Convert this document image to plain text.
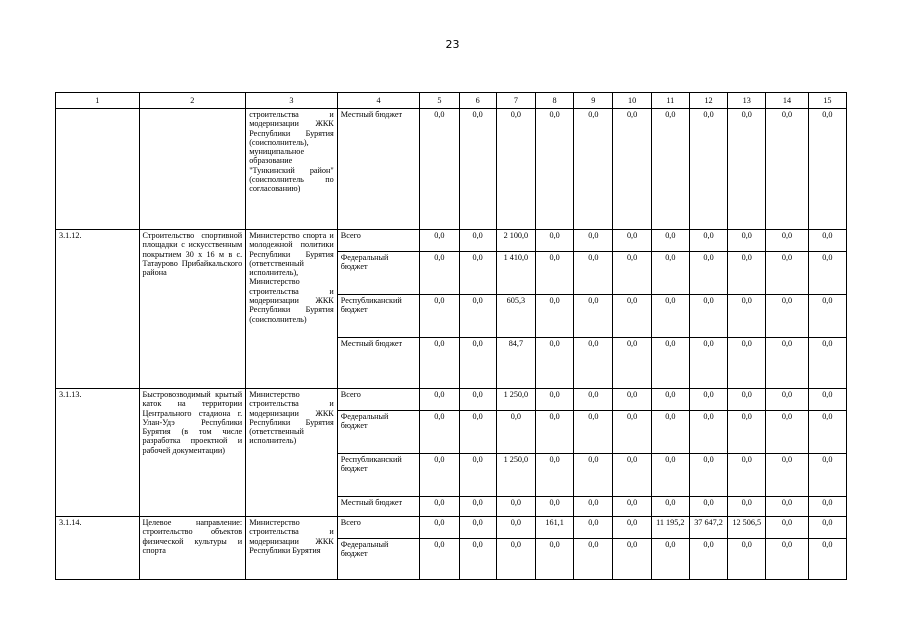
23
1	2	3	4	5	6	7	8	9	10	11	12	13	14	15
		строительства и модернизации ЖКК Республики Бурятия (соисполнитель), муниципальное образование "Тункинский район" (соисполнитель по согласованию)	Местный бюджет	0,0	0,0	0,0	0,0	0,0	0,0	0,0	0,0	0,0	0,0	0,0
3.1.12.	Строительство спортивной площадки с искусственным покрытием 30 x 16 м в с. Татаурово Прибайкальского района	Министерство спорта и молодежной политики Республики Бурятия (ответственный исполнитель), Министерство строительства и модернизации ЖКК Республики Бурятия (соисполнитель)	Всего	0,0	0,0	2 100,0	0,0	0,0	0,0	0,0	0,0	0,0	0,0	0,0
			Федеральный бюджет	0,0	0,0	1 410,0	0,0	0,0	0,0	0,0	0,0	0,0	0,0	0,0
			Республиканский бюджет	0,0	0,0	605,3	0,0	0,0	0,0	0,0	0,0	0,0	0,0	0,0
			Местный бюджет	0,0	0,0	84,7	0,0	0,0	0,0	0,0	0,0	0,0	0,0	0,0
3.1.13.	Быстровозводимый крытый каток на территории Центрального стадиона г. Улан-Удэ Республики Бурятия (в том числе разработка проектной и рабочей документации)	Министерство строительства и модернизации ЖКК Республики Бурятия (ответственный исполнитель)	Всего	0,0	0,0	1 250,0	0,0	0,0	0,0	0,0	0,0	0,0	0,0	0,0
			Федеральный бюджет	0,0	0,0	0,0	0,0	0,0	0,0	0,0	0,0	0,0	0,0	0,0
			Республиканский бюджет	0,0	0,0	1 250,0	0,0	0,0	0,0	0,0	0,0	0,0	0,0	0,0
			Местный бюджет	0,0	0,0	0,0	0,0	0,0	0,0	0,0	0,0	0,0	0,0	0,0
3.1.14.	Целевое направление: строительство объектов физической культуры и спорта	Министерство строительства и модернизации ЖКК Республики Бурятия	Всего	0,0	0,0	0,0	161,1	0,0	0,0	11 195,2	37 647,2	12 506,5	0,0	0,0
			Федеральный бюджет	0,0	0,0	0,0	0,0	0,0	0,0	0,0	0,0	0,0	0,0	0,0
